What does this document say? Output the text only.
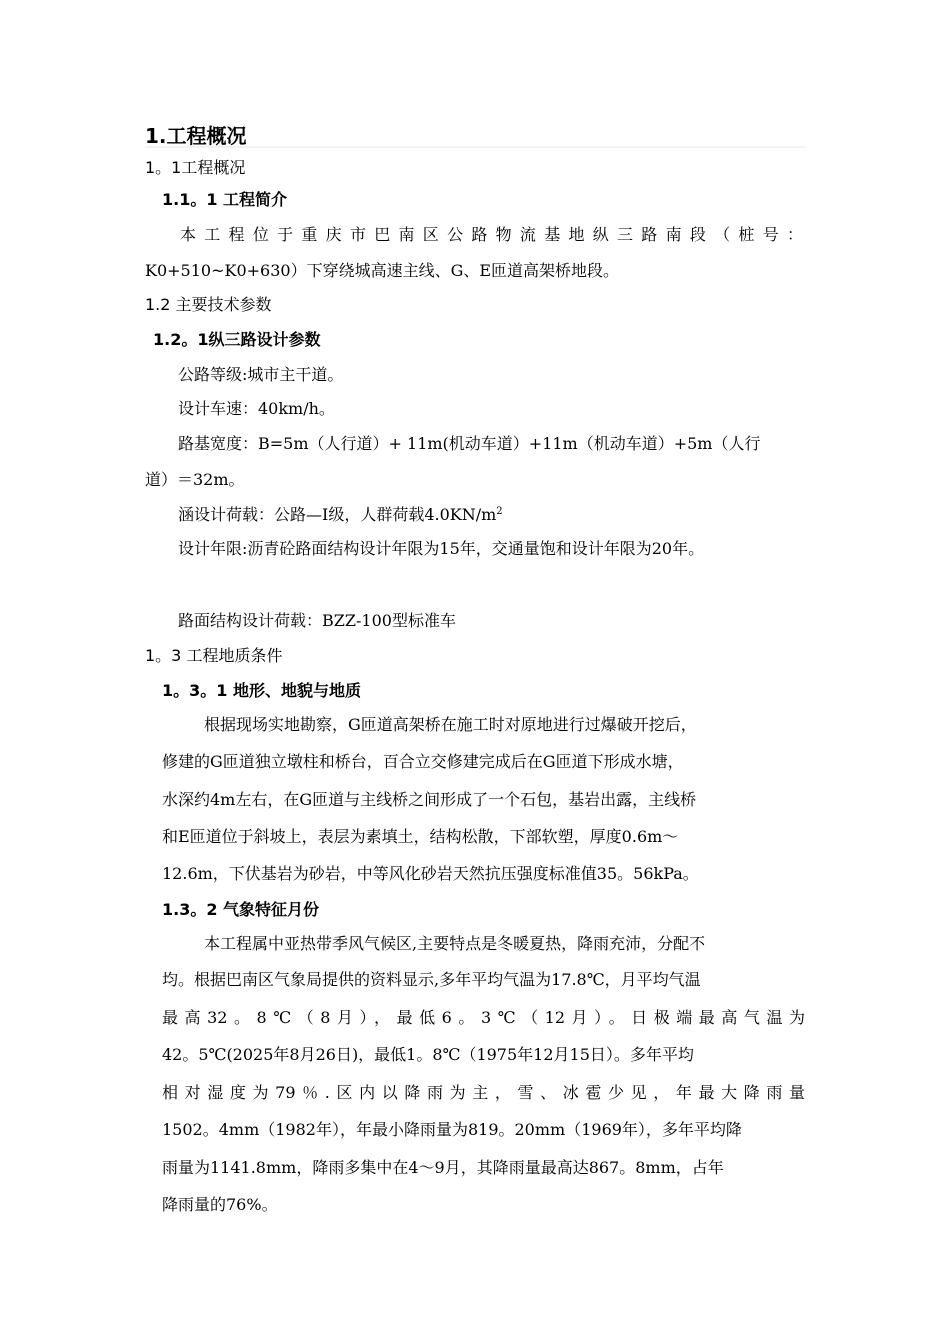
1.工程概况
1。1工程概况
1.1。1 工程简介
本工程位于重庆市巴南区公路物流基地纵三路南段（桩号：
K0+510~K0+630）下穿绕城高速主线、G、E匝道高架桥地段。
1.2 主要技术参数
1.2。1纵三路设计参数
公路等级:城市主干道。
设计车速：40km/h。
路基宽度：B=5m（人行道）+ 11m(机动车道）+11m（机动车道）+5m（人行
道）＝32m。
涵设计荷载：公路—Ⅰ级，人群荷载$4.0KN/m^2$
设计年限:沥青砼路面结构设计年限为15年，交通量饱和设计年限为20年。
路面结构设计荷载：BZZ-100型标准车
1。3 工程地质条件
1。3。1 地形、地貌与地质
根据现场实地勘察，G匝道高架桥在施工时对原地进行过爆破开挖后，
修建的G匝道独立墩柱和桥台，百合立交修建完成后在G匝道下形成水塘，
水深约4m左右，在G匝道与主线桥之间形成了一个石包，基岩出露，主线桥
和E匝道位于斜坡上，表层为素填土，结构松散，下部软塑，厚度0.6m～
12.6m，下伏基岩为砂岩，中等风化砂岩天然抗压强度标准值35。56kPa。
1.3。2 气象特征月份
本工程属中亚热带季风气候区,主要特点是冬暖夏热，降雨充沛，分配不
均。根据巴南区气象局提供的资料显示,多年平均气温为17.8℃，月平均气温
最高32。8℃（8月），最低6。3℃（12月）。日极端最高气温为
42。5℃(2025年8月26日)，最低1。8℃（1975年12月15日）。多年平均
相对湿度为79％.区内以降雨为主，雪、冰雹少见，年最大降雨量
1502。4mm（1982年），年最小降雨量为819。20mm（1969年），多年平均降
雨量为1141.8mm，降雨多集中在4～9月，其降雨量最高达867。8mm，占年
降雨量的76%。
